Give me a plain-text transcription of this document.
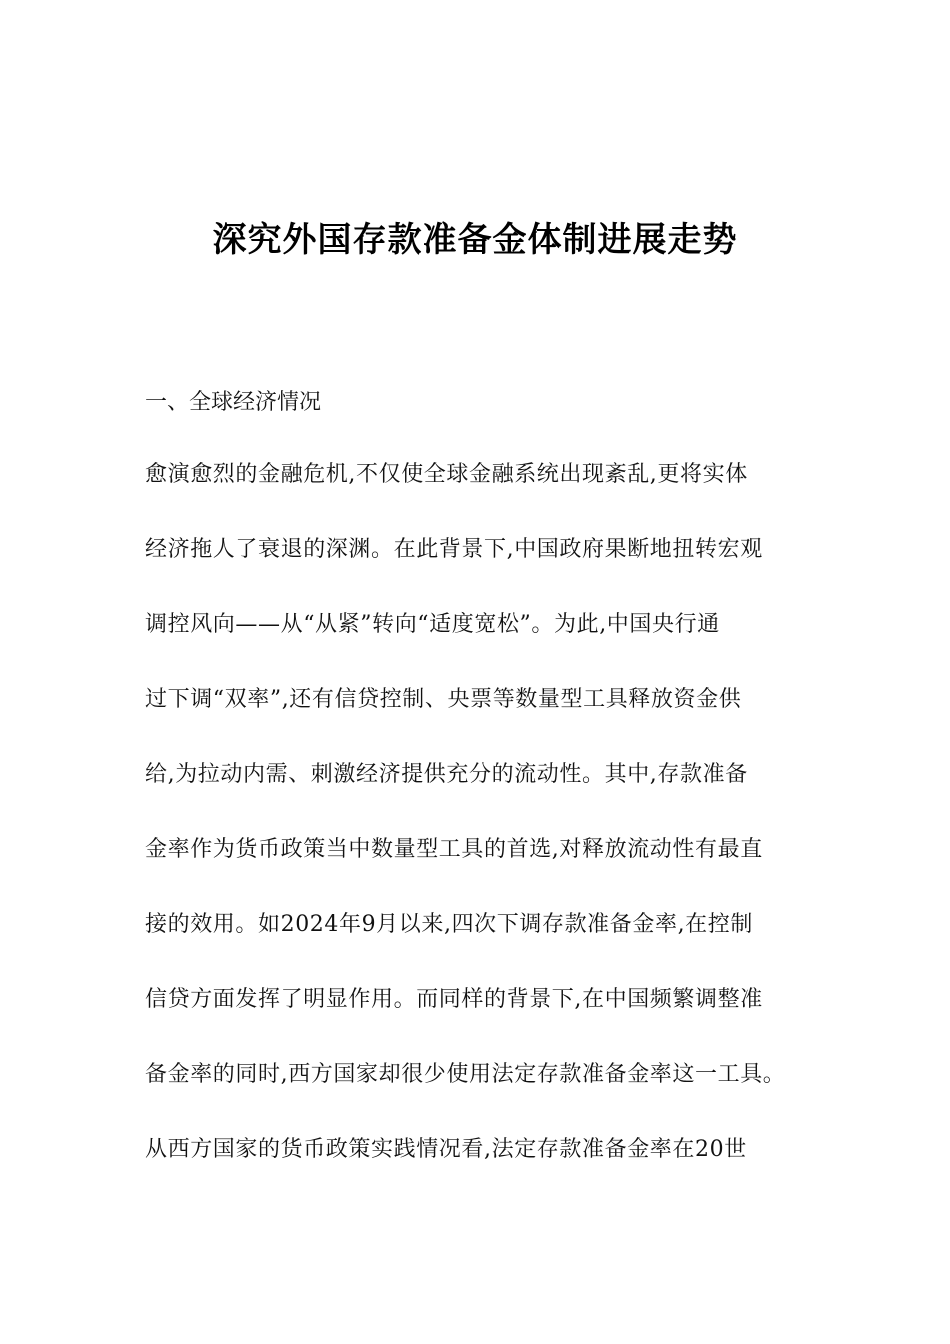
深究外国存款准备金体制进展走势
一、全球经济情况
愈演愈烈的金融危机,不仅使全球金融系统出现紊乱,更将实体
经济拖人了衰退的深渊。在此背景下,中国政府果断地扭转宏观
调控风向——从“从紧”转向“适度宽松”。为此,中国央行通
过下调“双率”,还有信贷控制、央票等数量型工具释放资金供
给,为拉动内需、刺激经济提供充分的流动性。其中,存款准备
金率作为货币政策当中数量型工具的首选,对释放流动性有最直
接的效用。如2024年9月以来,四次下调存款准备金率,在控制
信贷方面发挥了明显作用。而同样的背景下,在中国频繁调整准
备金率的同时,西方国家却很少使用法定存款准备金率这一工具。
从西方国家的货币政策实践情况看,法定存款准备金率在20世
